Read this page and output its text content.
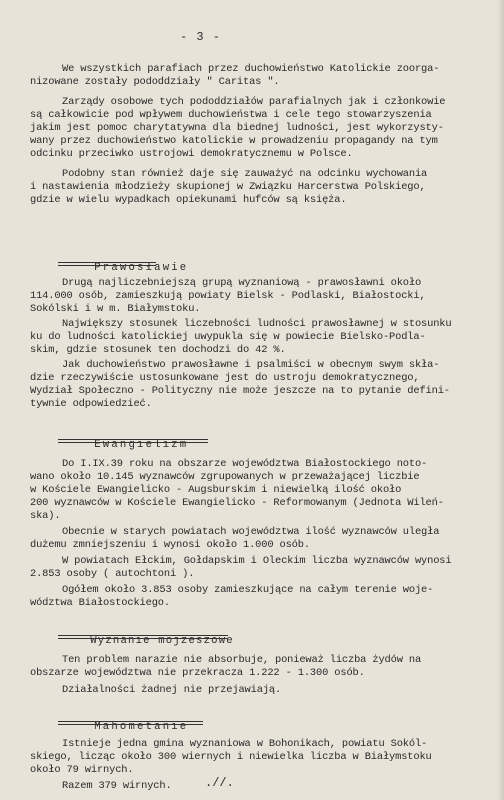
- 3 -
We wszystkich parafiach przez duchowieństwo Katolickie zoorga-
nizowane zostały pododdziały " Caritas ".
Zarządy osobowe tych pododdziałów parafialnych jak i członkowie
są całkowicie pod wpływem duchowieństwa i cele tego stowarzyszenia
jakim jest pomoc charytatywna dla biednej ludności, jest wykorzysty-
wany przez duchowieństwo katolickie w prowadzeniu propagandy na tym
odcinku przeciwko ustrojowi demokratycznemu w Polsce.
Podobny stan również daje się zauważyć na odcinku wychowania
i nastawienia młodzieży skupionej w Związku Harcerstwa Polskiego,
gdzie w wielu wypadkach opiekunami hufców są księża.

Prawosławie

Drugą najliczebniejszą grupą wyznaniową - prawosławni około
114.000 osób, zamieszkują powiaty Bielsk - Podlaski, Białostocki,
Sokólski i w m. Białymstoku.
Największy stosunek liczebności ludności prawosławnej w stosunku
ku do ludności katolickiej uwypukla się w powiecie Bielsko-Podla-
skim, gdzie stosunek ten dochodzi do 42 %.
Jak duchowieństwo prawosławne i psalmiści w obecnym swym skła-
dzie rzeczywiście ustosunkowane jest do ustroju demokratycznego,
Wydział Społeczno - Polityczny nie może jeszcze na to pytanie defini-
tywnie odpowiedzieć.

Ewangielizm

Do I.IX.39 roku na obszarze województwa Białostockiego noto-
wano około 10.145 wyznawców zgrupowanych w przeważającej liczbie
w Kościele Ewangielicko - Augsburskim i niewielką ilość około
200 wyznawców w Kościele Ewangielicko - Reformowanym (Jednota Wileń-
ska).
Obecnie w starych powiatach województwa ilość wyznawców uległa
dużemu zmniejszeniu i wynosi około 1.000 osób.
W powiatach Ełckim, Gołdapskim i Oleckim liczba wyznawców wynosi
2.853 osoby ( autochtoni ).
Ogółem około 3.853 osoby zamieszkujące na całym terenie woje-
wództwa Białostockiego.

Wyznanie mojżeszowe

Ten problem narazie nie absorbuje, ponieważ liczba żydów na
obszarze województwa nie przekracza 1.222 - 1.300 osób.
Działalności żadnej nie przejawiają.

Mahometanie

Istnieje jedna gmina wyznaniowa w Bohonikach, powiatu Sokól-
skiego, licząc około 300 wiernych i niewielka liczba w Białymstoku
około 79 wirnych.
Razem 379 wirnych.	.//.
